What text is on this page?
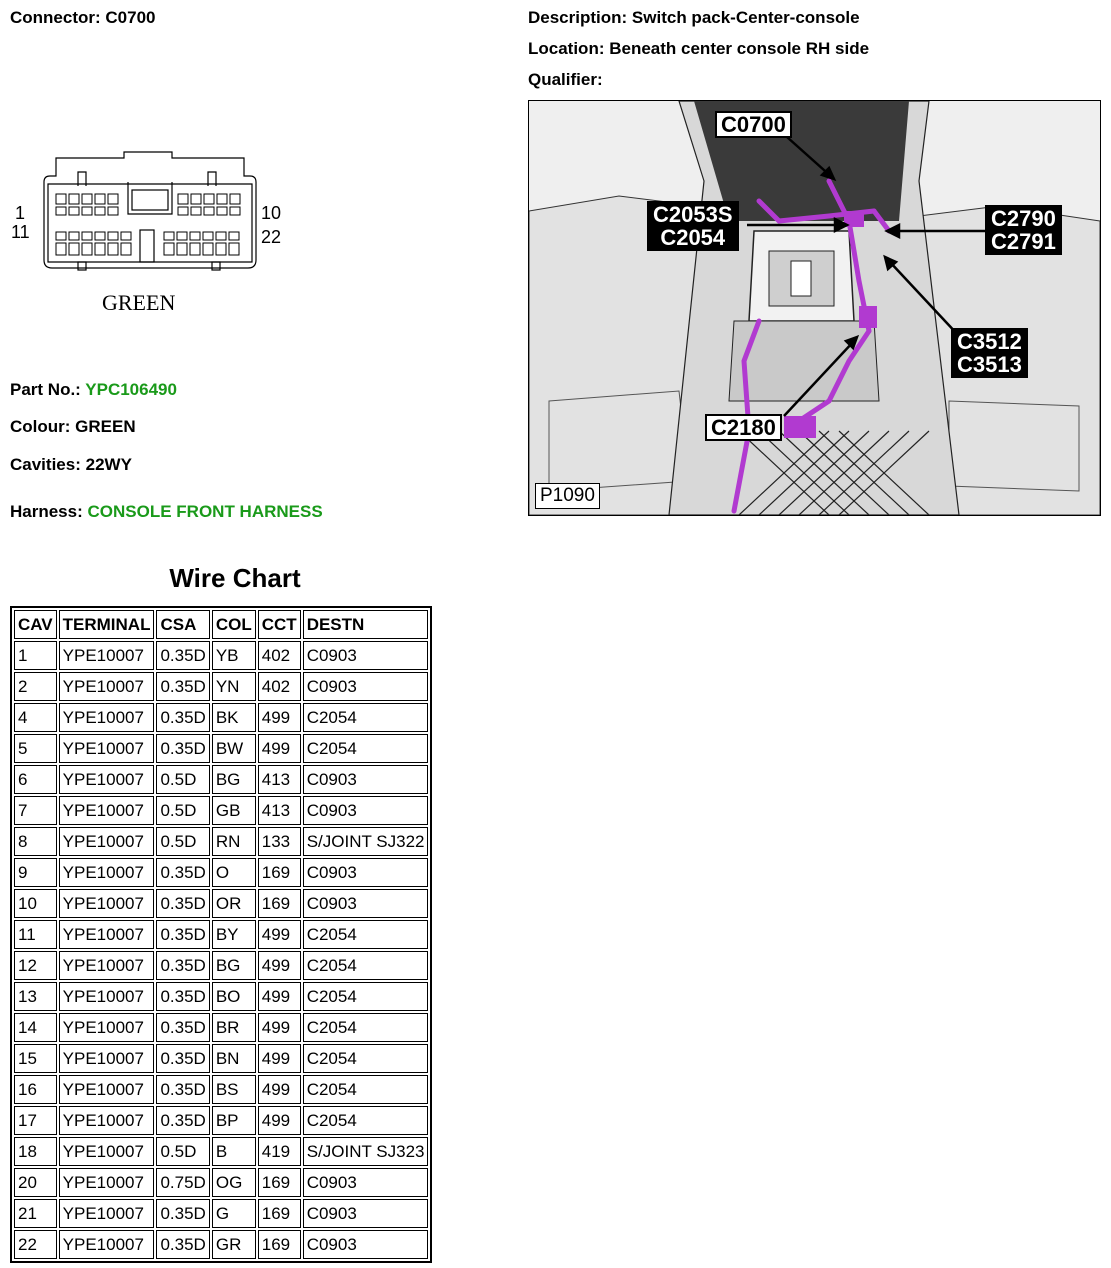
Connector: C0700	Description: Switch pack-Center-console
Location: Beneath center console RH side
Qualifier:
1
11
10
22
GREEN
Part No.: YPC106490
Colour: GREEN
Cavities: 22WY
Harness: CONSOLE FRONT HARNESS
C0700
C2053S
C2054
C2790
C2791
C3512
C3513
C2180
P1090
Wire Chart
CAV	TERMINAL	CSA	COL	CCT	DESTN
1	YPE10007	0.35D	YB	402	C0903
2	YPE10007	0.35D	YN	402	C0903
4	YPE10007	0.35D	BK	499	C2054
5	YPE10007	0.35D	BW	499	C2054
6	YPE10007	0.5D	BG	413	C0903
7	YPE10007	0.5D	GB	413	C0903
8	YPE10007	0.5D	RN	133	S/JOINT SJ322
9	YPE10007	0.35D	O	169	C0903
10	YPE10007	0.35D	OR	169	C0903
11	YPE10007	0.35D	BY	499	C2054
12	YPE10007	0.35D	BG	499	C2054
13	YPE10007	0.35D	BO	499	C2054
14	YPE10007	0.35D	BR	499	C2054
15	YPE10007	0.35D	BN	499	C2054
16	YPE10007	0.35D	BS	499	C2054
17	YPE10007	0.35D	BP	499	C2054
18	YPE10007	0.5D	B	419	S/JOINT SJ323
20	YPE10007	0.75D	OG	169	C0903
21	YPE10007	0.35D	G	169	C0903
22	YPE10007	0.35D	GR	169	C0903
